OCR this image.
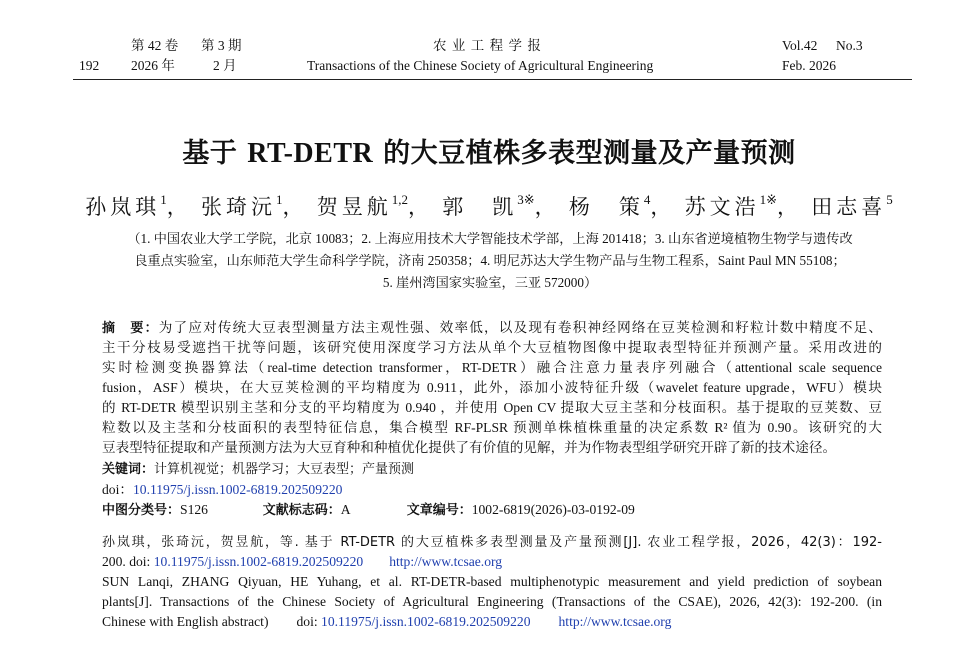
192
第 42 卷 第 3 期
2026 年	2 月
农 业 工 程 学 报
Transactions of the Chinese Society of Agricultural Engineering
Vol.42 No.3
Feb. 2026
基于 RT-DETR 的大豆植株多表型测量及产量预测
孙岚琪$^1$， 张琦沅$^1$， 贺昱航$^{1,2}$， 郭　凯$^{3※}$， 杨　策$^4$， 苏文浩$^{1※}$， 田志喜$^5$
（1. 中国农业大学工学院，北京 10083；2. 上海应用技术大学智能技术学部，上海 201418；3. 山东省逆境植物生物学与遗传改
良重点实验室，山东师范大学生命科学学院，济南 250358；4. 明尼苏达大学生物产品与生物工程系，Saint Paul MN 55108；
5. 崖州湾国家实验室，三亚 572000）
摘　要：为了应对传统大豆表型测量方法主观性强、效率低，以及现有卷积神经网络在豆荚检测和籽粒计数中精度不足、
主干分枝易受遮挡干扰等问题，该研究使用深度学习方法从单个大豆植物图像中提取表型特征并预测产量。采用改进的
实时检测变换器算法（real-time detection transformer，RT-DETR）融合注意力量表序列融合（attentional scale sequence
fusion，ASF）模块，在大豆荚检测的平均精度为 0.911，此外，添加小波特征升级（wavelet feature upgrade，WFU）模块
的 RT-DETR 模型识别主茎和分支的平均精度为 0.940 ，并使用 Open CV 提取大豆主茎和分枝面积。基于提取的豆荚数、豆
粒数以及主茎和分枝面积的表型特征信息，集合模型 RF-PLSR 预测单株植株重量的决定系数 R² 值为 0.90。该研究的大
豆表型特征提取和产量预测方法为大豆育种和种植优化提供了有价值的见解，并为作物表型组学研究开辟了新的技术途径。
关键词：计算机视觉；机器学习；大豆表型；产量预测
doi：10.11975/j.issn.1002-6819.202509220
中图分类号：S126	文献标志码：A	文章编号：1002-6819(2026)-03-0192-09
孙岚琪，张琦沅，贺昱航，等. 基于 RT-DETR 的大豆植株多表型测量及产量预测[J]. 农业工程学报，2026，42(3)：192-
200. doi: 10.11975/j.issn.1002-6819.202509220 http://www.tcsae.org
SUN Lanqi, ZHANG Qiyuan, HE Yuhang, et al. RT-DETR-based multiphenotypic measurement and yield prediction of soybean
plants[J]. Transactions of the Chinese Society of Agricultural Engineering (Transactions of the CSAE), 2026, 42(3): 192-200. (in
Chinese with English abstract) doi: 10.11975/j.issn.1002-6819.202509220 http://www.tcsae.org
